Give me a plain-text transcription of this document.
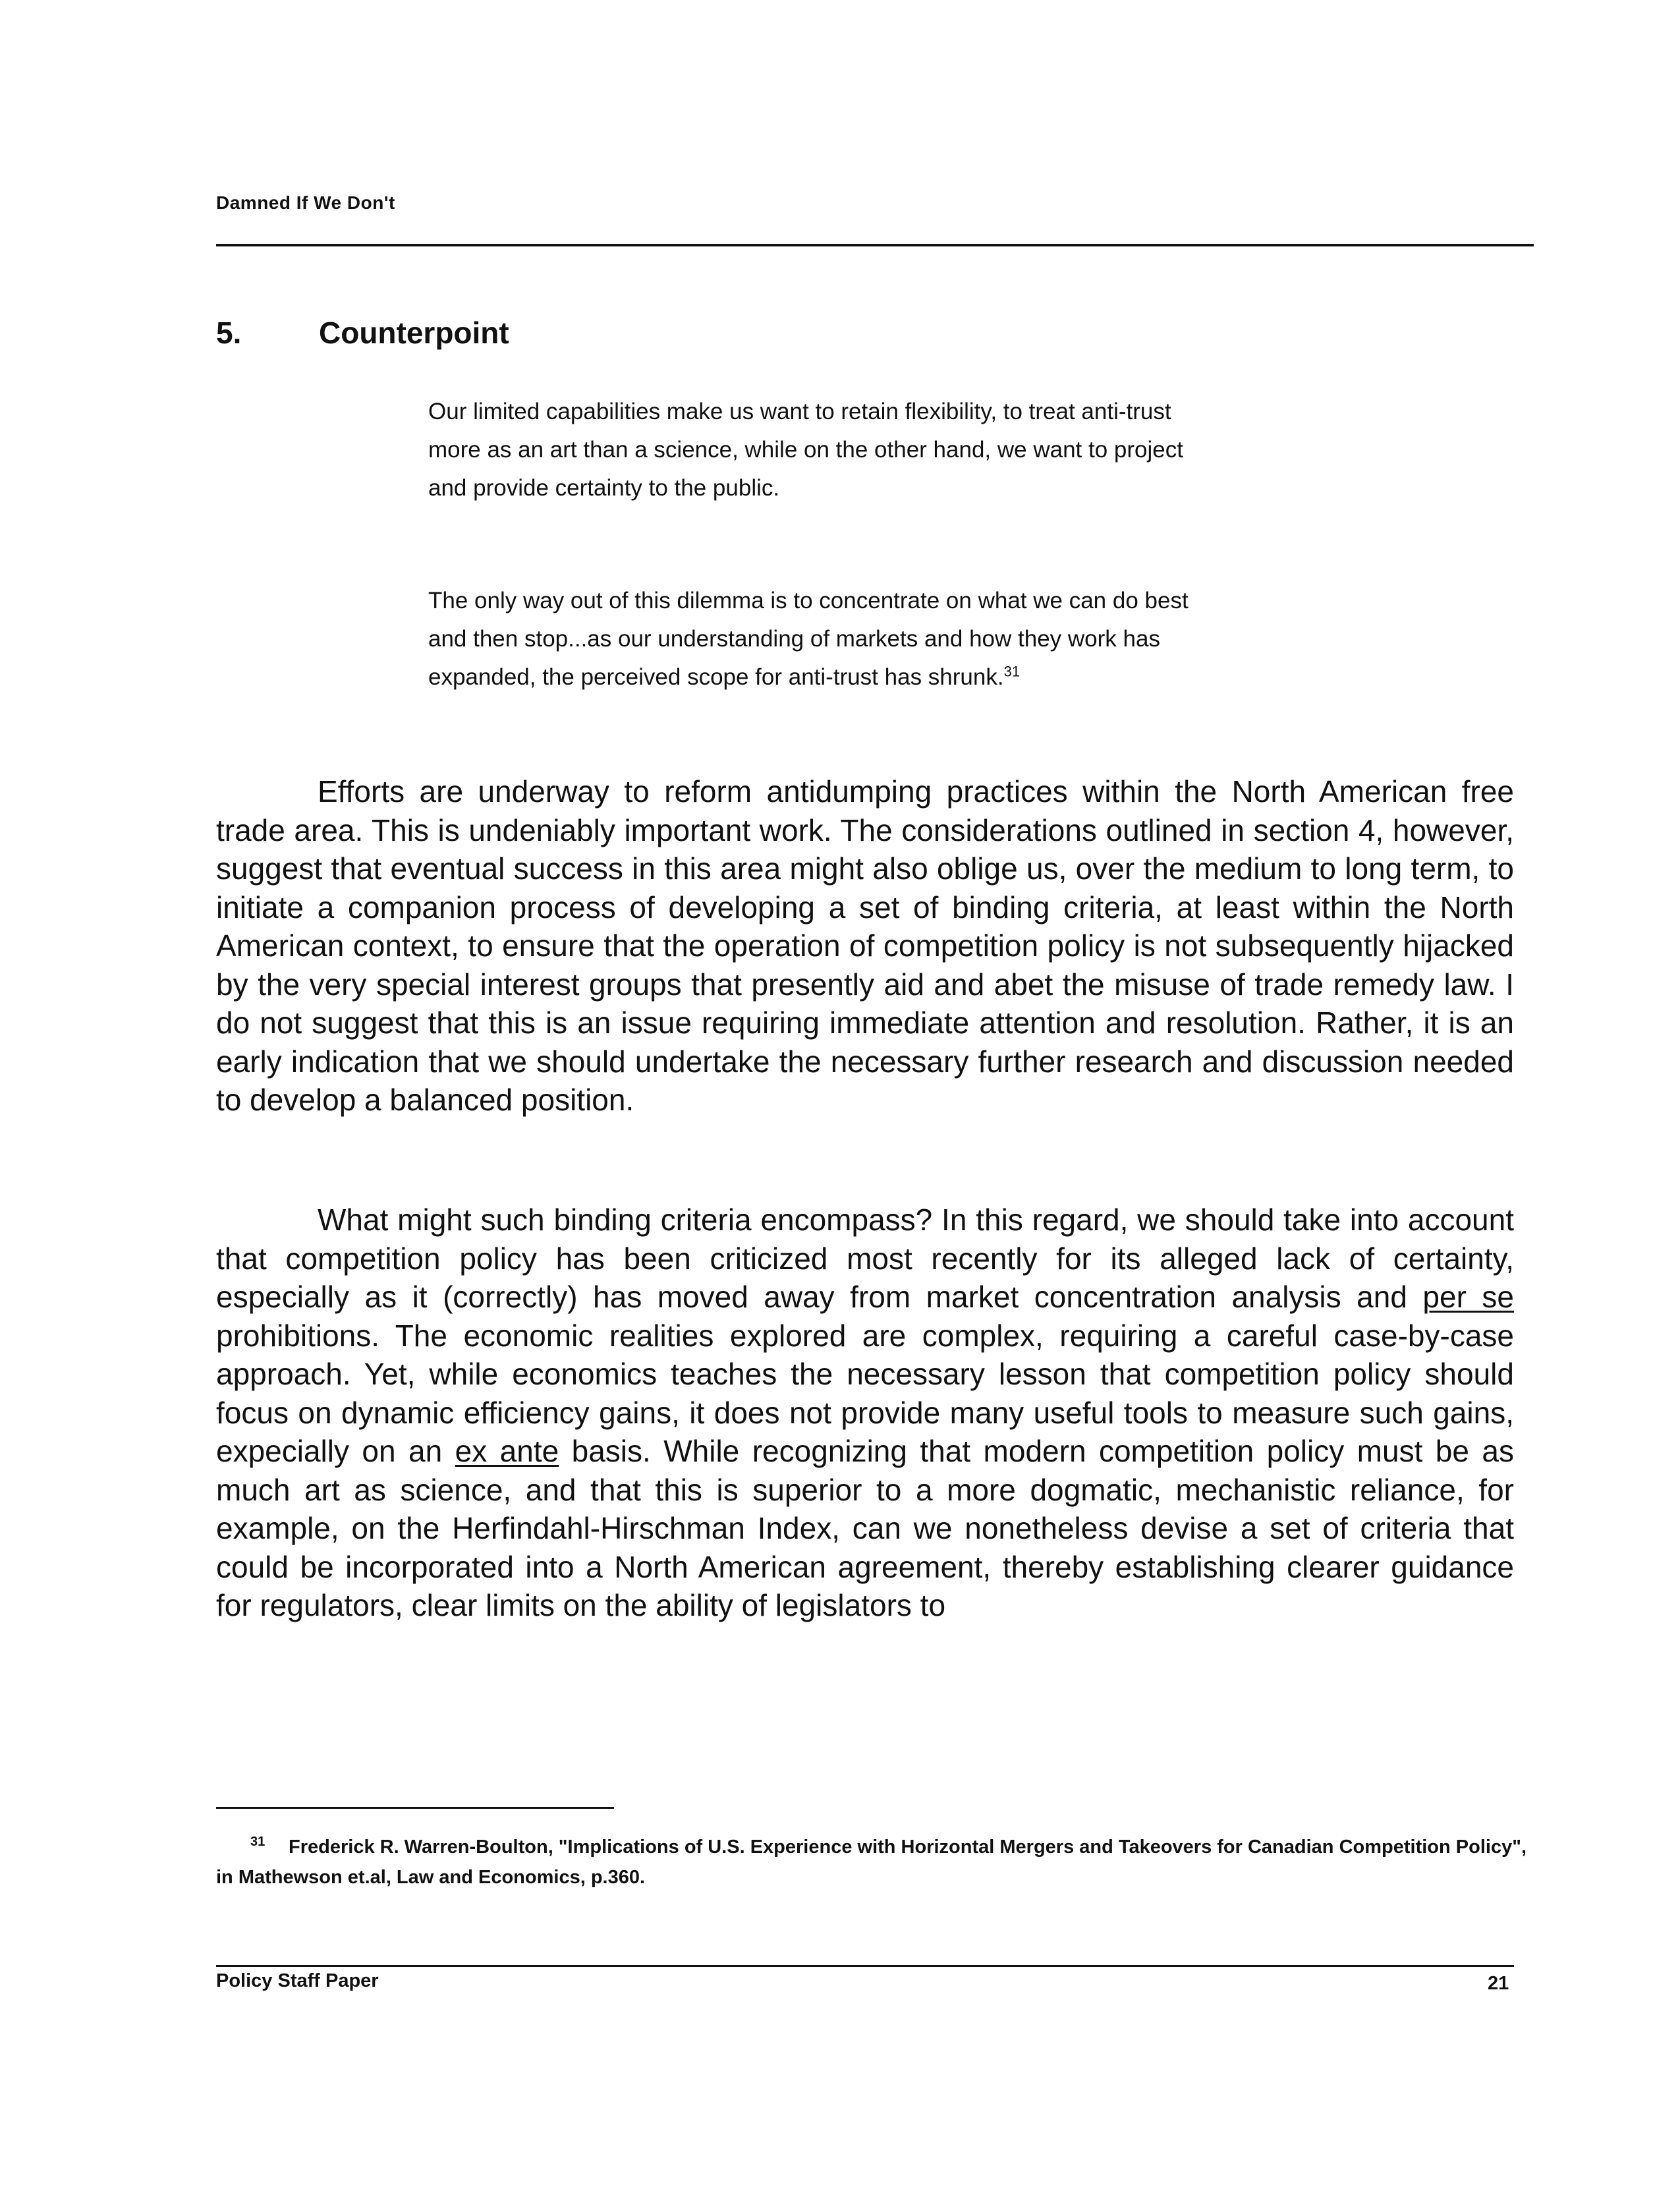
Damned If We Don't
5.	Counterpoint

Our limited capabilities make us want to retain flexibility, to treat anti-trust more as an art than a science, while on the other hand, we want to project and provide certainty to the public.

The only way out of this dilemma is to concentrate on what we can do best and then stop...as our understanding of markets and how they work has expanded, the perceived scope for anti-trust has shrunk.$^{31}$

Efforts are underway to reform antidumping practices within the North American free trade area. This is undeniably important work. The considerations outlined in section 4, however, suggest that eventual success in this area might also oblige us, over the medium to long term, to initiate a companion process of developing a set of binding criteria, at least within the North American context, to ensure that the operation of competition policy is not subsequently hijacked by the very special interest groups that presently aid and abet the misuse of trade remedy law. I do not suggest that this is an issue requiring immediate attention and resolution. Rather, it is an early indication that we should undertake the necessary further research and discussion needed to develop a balanced position.

What might such binding criteria encompass? In this regard, we should take into account that competition policy has been criticized most recently for its alleged lack of certainty, especially as it (correctly) has moved away from market concentration analysis and per se prohibitions. The economic realities explored are complex, requiring a careful case-by-case approach. Yet, while economics teaches the necessary lesson that competition policy should focus on dynamic efficiency gains, it does not provide many useful tools to measure such gains, expecially on an ex ante basis. While recognizing that modern competition policy must be as much art as science, and that this is superior to a more dogmatic, mechanistic reliance, for example, on the Herfindahl-Hirschman Index, can we nonetheless devise a set of criteria that could be incorporated into a North American agreement, thereby establishing clearer guidance for regulators, clear limits on the ability of legislators to

31 Frederick R. Warren-Boulton, "Implications of U.S. Experience with Horizontal Mergers and Takeovers for Canadian Competition Policy", in Mathewson et.al, Law and Economics, p.360.

Policy Staff Paper	21
